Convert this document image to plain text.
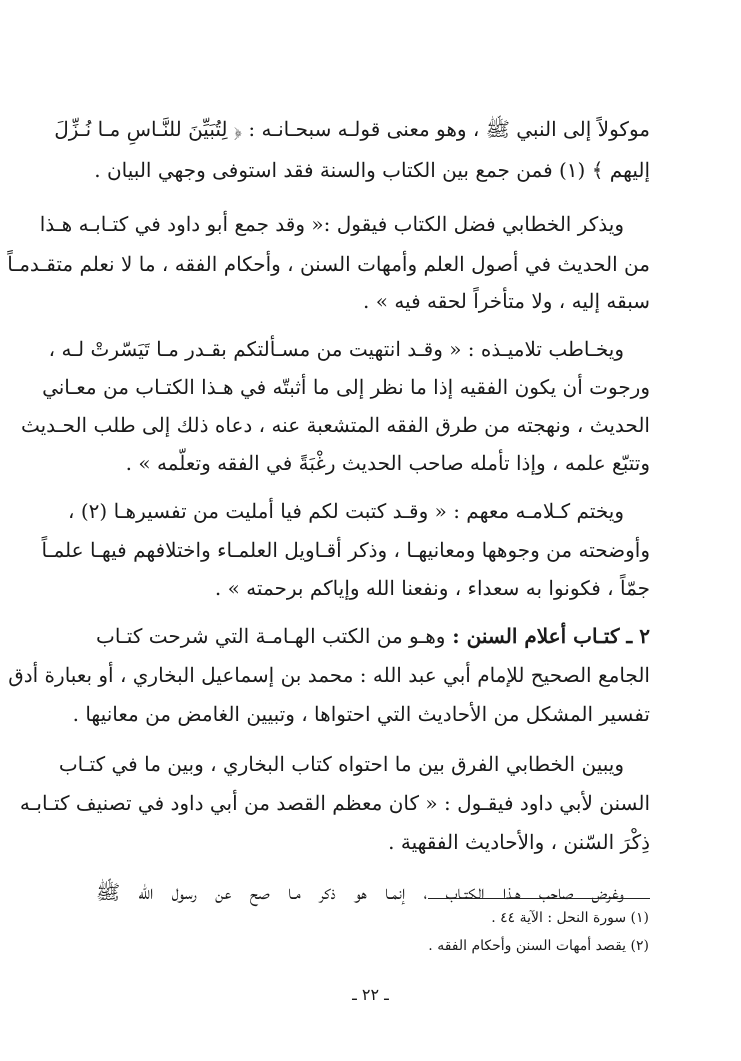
موكولاً إلى النبي ﷺ ، وهو معنى قولـه سبحـانـه : ﴿ لِتُبَيِّنَ للنَّـاسِ مـا نُـزِّلَ
إليهم ﴾ (١) فمن جمع بين الكتاب والسنة فقد استوفى وجهي البيان .
ويذكر الخطابي فضل الكتاب فيقول :« وقد جمع أبو داود في كتـابـه هـذا
من الحديث في أصول العلم وأمهات السنن ، وأحكام الفقه ، ما لا نعلم متقـدمـاً
سبقه إليه ، ولا متأخراً لحقه فيه » .
ويخـاطب تلاميـذه : « وقـد انتهيت من مسـألتكم بقـدر مـا تَيَسّرتْ لـه ،
ورجوت أن يكون الفقيه إذا ما نظر إلى ما أثبتّه في هـذا الكتـاب من معـاني
الحديث ، ونهجته من طرق الفقه المتشعبة عنه ، دعاه ذلك إلى طلب الحـديث
وتتبّع علمه ، وإذا تأمله صاحب الحديث رغْبَةً في الفقه وتعلّمه » .
ويختم كـلامـه معهم : « وقـد كتبت لكم فيا أمليت من تفسيرهـا (٢) ،
وأوضحته من وجوهها ومعانيهـا ، وذكر أقـاويل العلمـاء واختلافهم فيهـا علمـاً
جمّاً ، فكونوا به سعداء ، ونفعنا الله وإياكم برحمته » .
٢ ـ كتـاب أعلام السنن :
وهـو من الكتب الهـامـة التي شرحت كتـاب
الجامع الصحيح للإمام أبي عبد الله : محمد بن إسماعيل البخاري ، أو بعبارة أدق
تفسير المشكل من الأحاديث التي احتواها ، وتبيين الغامض من معانيها .
ويبين الخطابي الفرق بين ما احتواه كتاب البخاري ، وبين ما في كتـاب
السنن لأبي داود فيقـول : « كان معظم القصد من أبي داود في تصنيف كتـابـه
ذِكْرَ السّنن ، والأحاديث الفقهية .
وغرض صاحب هـذا الكتـاب ، إنمـا هو ذكر مـا صح عن رسول الله ﷺ
(١) سورة النحل : الآية ٤٤ .
(٢) يقصد أمهات السنن وأحكام الفقه .
ـ ٢٢ ـ
